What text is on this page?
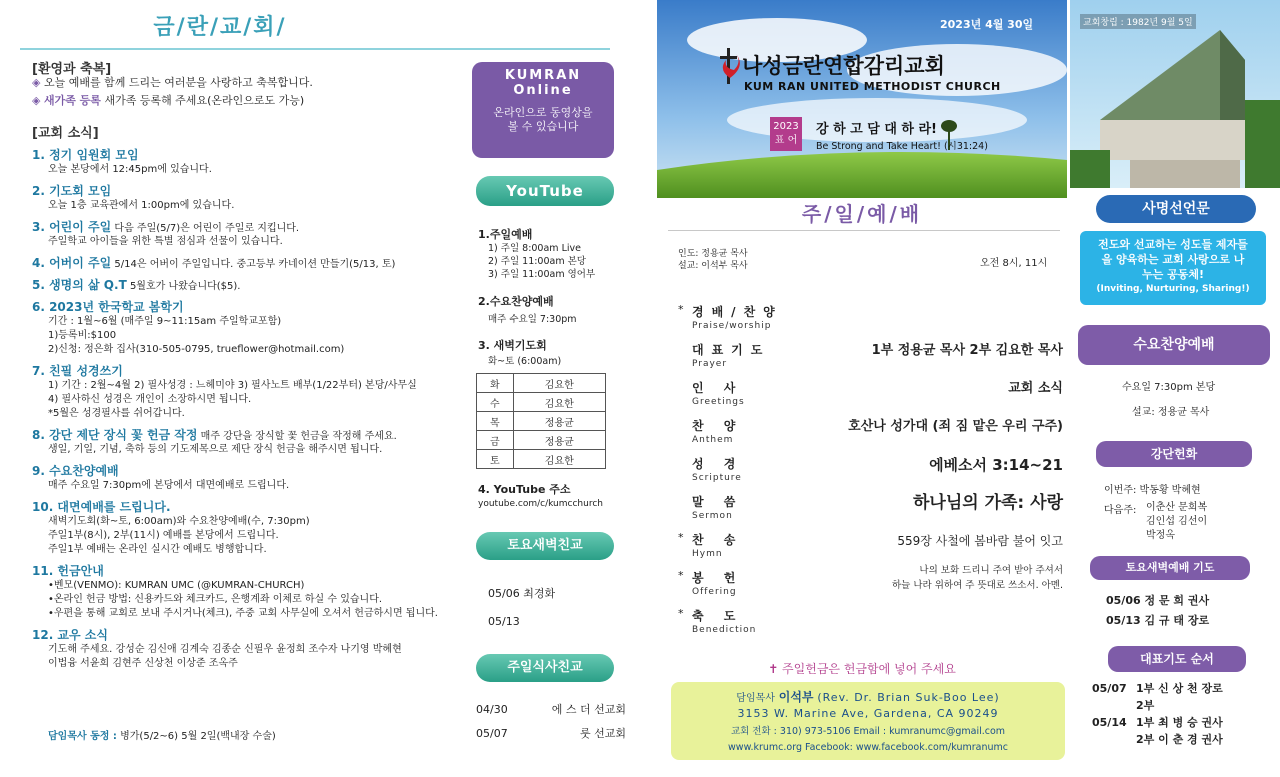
금/란/교/회/
[환영과 축복]
◈ 오늘 예배를 함께 드리는 여러분을 사랑하고 축복합니다.
◈ 새가족 등록 새가족 등록해 주세요(온라인으로도 가능)
[교회 소식]
1. 정기 임원회 모임
오늘 본당에서 12:45pm에 있습니다.
2. 기도회 모임
오늘 1층 교육관에서 1:00pm에 있습니다.
3. 어린이 주일 다음 주일(5/7)은 어린이 주일로 지킵니다.
주일학교 아이들을 위한 특별 점심과 선물이 있습니다.
4. 어버이 주일 5/14은 어버이 주일입니다. 중고등부 카네이션 만들기(5/13, 토)
5. 생명의 삶 Q.T 5월호가 나왔습니다($5).
6. 2023년 한국학교 봄학기
기간 : 1월~6월 (매주일 9~11:15am 주일학교포함)
1)등록비:$100
2)신청: 정은화 집사(310-505-0795, trueflower@hotmail.com)
7. 친필 성경쓰기
1) 기간 : 2월~4월 2) 필사성경 : 느헤미야 3) 필사노트 배부(1/22부터) 본당/사무실
4) 필사하신 성경은 개인이 소장하시면 됩니다.
*5월은 성경필사를 쉬어갑니다.
8. 강단 제단 장식 꽃 헌금 작정 매주 강단을 장식할 꽃 헌금을 작정해 주세요.
생일, 기일, 기념, 축하 등의 기도제목으로 제단 장식 헌금을 해주시면 됩니다.
9. 수요찬양예배
매주 수요일 7:30pm에 본당에서 대면예배로 드립니다.
10. 대면예배를 드립니다.
새벽기도회(화~토, 6:00am)와 수요찬양예배(수, 7:30pm)
주일1부(8시), 2부(11시) 예배를 본당에서 드립니다.
주일1부 예배는 온라인 실시간 예배도 병행합니다.
11. 헌금안내
•벤모(VENMO): KUMRAN UMC (@KUMRAN-CHURCH)
•온라인 헌금 방법: 신용카드와 체크카드, 은행계좌 이체로 하실 수 있습니다.
•우편을 통해 교회로 보내 주시거나(체크), 주중 교회 사무실에 오셔서 헌금하시면 됩니다.
12. 교우 소식
기도해 주세요. 강성순 김신애 김계숙 김종순 신필우 윤정희 조수자 나기영 박혜현
이법융 서윤희 김현주 신상천 이상준 조옥주
담임목사 동정 : 병가(5/2~6) 5월 2일(백내장 수술)
KUMRAN Online
온라인으로 동영상을 볼 수 있습니다
YouTube
1.주일예배
1) 주일 8:00am Live
2) 주일 11:00am 본당
3) 주일 11:00am 영어부
2.수요찬양예배
매주 수요일 7:30pm
3. 새벽기도회
화~토 (6:00am)
화	김요한
수	김요한
목	정용균
금	정용균
토	김요한
4. YouTube 주소
youtube.com/c/kumcchurch
토요새벽친교
05/06 최경화
05/13
주일식사친교
04/30	에 스 더 선교회
05/07	룻 선교회
2023년 4월 30일
나성금란연합감리교회
KUM RAN UNITED METHODIST CHURCH
2023 표 어
강 하 고 담 대 하 라!
Be Strong and Take Heart! (시31:24)
주/일/예/배
인도: 정용균 목사
설교: 이석부 목사	오전 8시, 11시
* 경배/찬양
Praise/worship
대표기도
Prayer
1부 정용균 목사 2부 김요한 목사
인 사
Greetings
교회 소식
찬 양
Anthem
호산나 성가대 (죄 짐 맡은 우리 구주)
성 경
Scripture
에베소서 3:14~21
말 씀
Sermon
하나님의 가족: 사랑
* 찬 송
Hymn
559장 사철에 봄바람 불어 잇고
* 봉 헌
Offering
나의 보화 드리니 주여 받아 주셔서
하늘 나라 위하여 주 뜻대로 쓰소서. 아멘.
* 축 도
Benediction
✝ 주일헌금은 헌금함에 넣어 주세요
담임목사 이석부 (Rev. Dr. Brian Suk-Boo Lee)
3153 W. Marine Ave, Gardena, CA 90249
교회 전화 : 310) 973-5106 Email : kumranumc@gmail.com
www.krumc.org Facebook: www.facebook.com/kumranumc
교회창립 : 1982년 9월 5일
사명선언문
전도와 선교하는 성도들 제자들을 양육하는 교회 사랑으로 나누는 공동체!
(Inviting, Nurturing, Sharing!)
수요찬양예배
수요일 7:30pm 본당
설교: 정용균 목사
강단헌화
이번주: 박동황 박혜현
다음주: 이춘산 문희복
김인섭 김선이
박정옥
토요새벽예배 기도
05/06 정 문 희 권사
05/13 김 규 태 장로
대표기도 순서
05/07 1부 신 상 천 장로
2부
05/14 1부 최 병 승 권사
2부 이 춘 경 권사
